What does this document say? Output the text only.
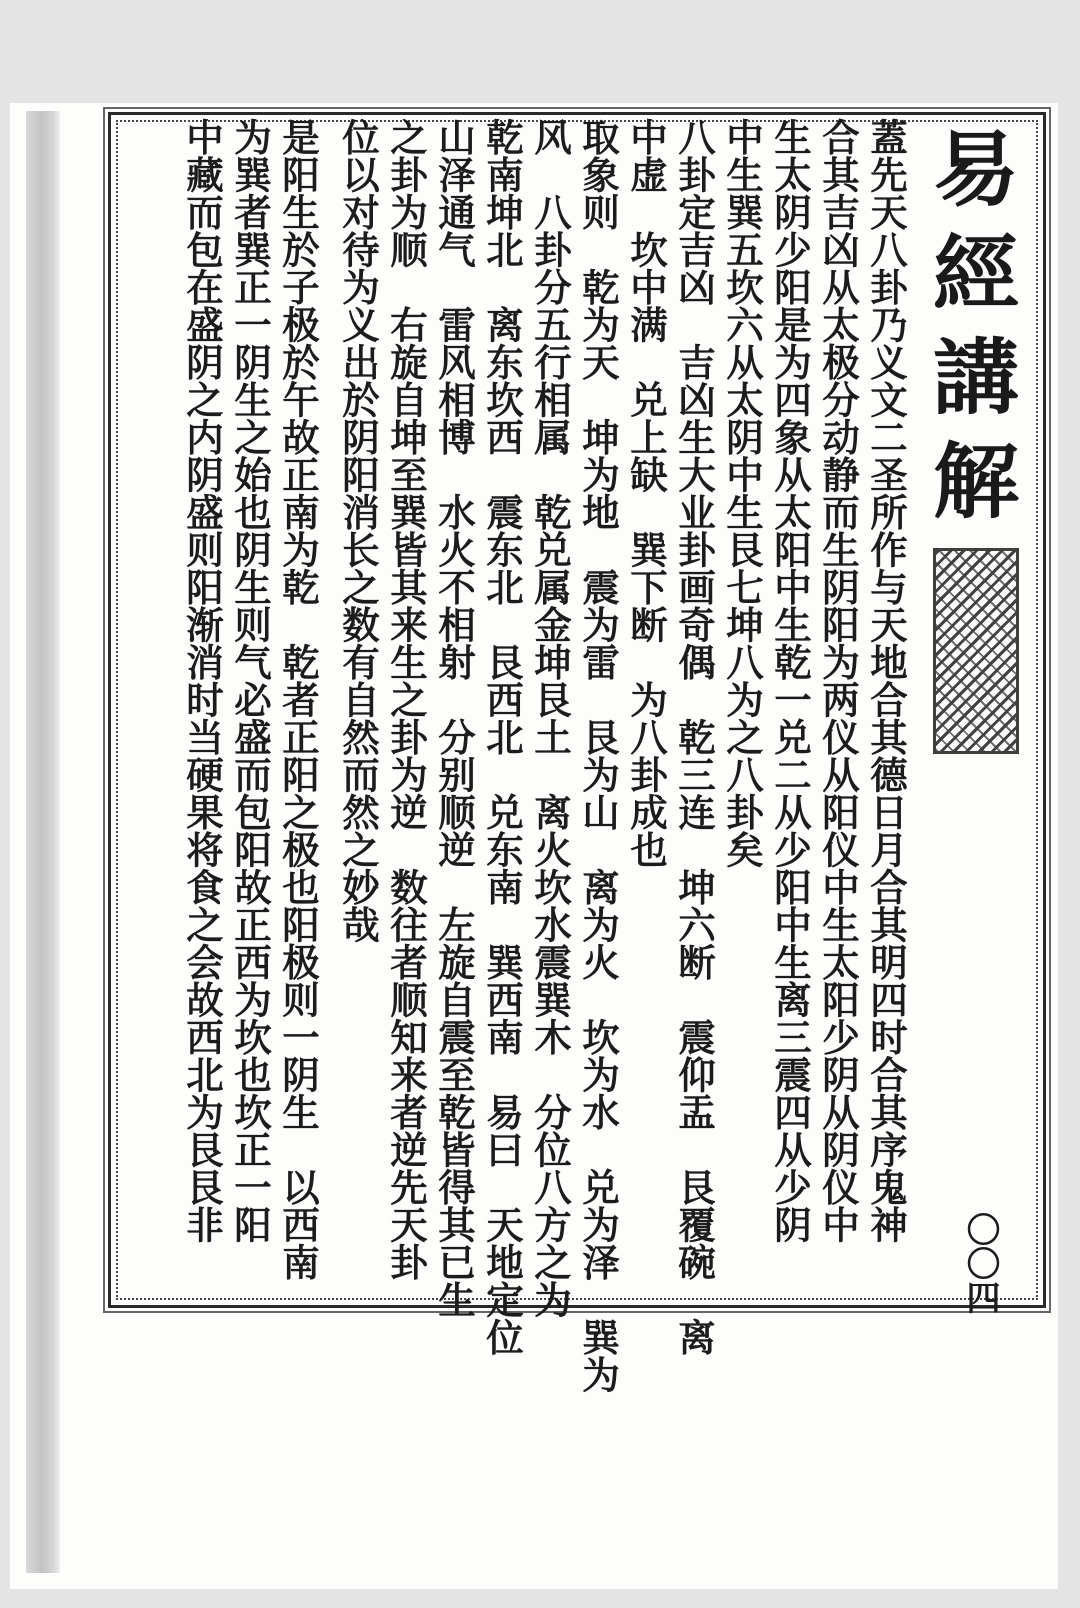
易
經
講
解
〇〇四
蓋先天八卦乃义文二圣所作与天地合其德日月合其明四时合其序鬼神
合其吉凶从太极分动静而生阴阳为两仪从阳仪中生太阳少阴从阴仪中
生太阴少阳是为四象从太阳中生乾一兑二从少阳中生离三震四从少阴
中生巽五坎六从太阴中生艮七坤八为之八卦矣
八卦定吉凶　吉凶生大业卦画奇偶　乾三连　坤六断　震仰盂　艮覆碗　离
中虚　坎中满　兑上缺　巽下断　为八卦成也
取象则　乾为天　坤为地　震为雷　艮为山　离为火　坎为水　兑为泽　巽为
风　八卦分五行相属　乾兑属金坤艮土　离火坎水震巽木　分位八方之为
乾南坤北　离东坎西　震东北　艮西北　兑东南　巽西南　易曰　天地定位
山泽通气　雷风相博　水火不相射　分别顺逆　左旋自震至乾皆得其已生
之卦为顺　右旋自坤至巽皆其来生之卦为逆　数往者顺知来者逆先天卦
位以对待为义出於阴阳消长之数有自然而然之妙哉
是阳生於子极於午故正南为乾　乾者正阳之极也阳极则一阴生　以西南
为巽者巽正一阴生之始也阴生则气必盛而包阳故正西为坎也坎正一阳
中藏而包在盛阴之内阴盛则阳渐消时当硬果将食之会故西北为艮艮非
